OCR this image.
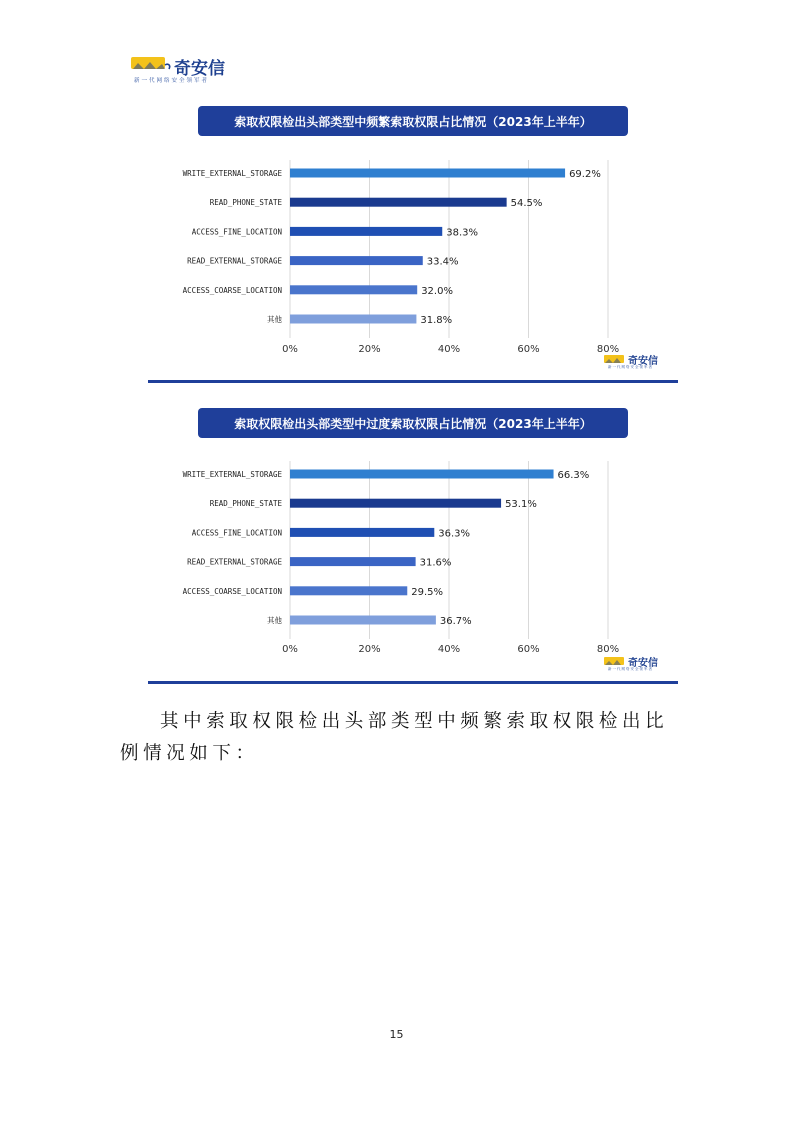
奇安信
新一代网络安全领军者
索取权限检出头部类型中频繁索取权限占比情况（2023年上半年）
0%	20%	40%	60%	80%
WRITE_EXTERNAL_STORAGE	69.2%
READ_PHONE_STATE	54.5%
ACCESS_FINE_LOCATION	38.3%
READ_EXTERNAL_STORAGE	33.4%
ACCESS_COARSE_LOCATION	32.0%
其他	31.8%
奇安信
新一代网络安全领军者
索取权限检出头部类型中过度索取权限占比情况（2023年上半年）
0%	20%	40%	60%	80%
WRITE_EXTERNAL_STORAGE	66.3%
READ_PHONE_STATE	53.1%
ACCESS_FINE_LOCATION	36.3%
READ_EXTERNAL_STORAGE	31.6%
ACCESS_COARSE_LOCATION	29.5%
其他	36.7%
奇安信
新一代网络安全领军者
其中索取权限检出头部类型中频繁索取权限检出比例情况如下：
15
